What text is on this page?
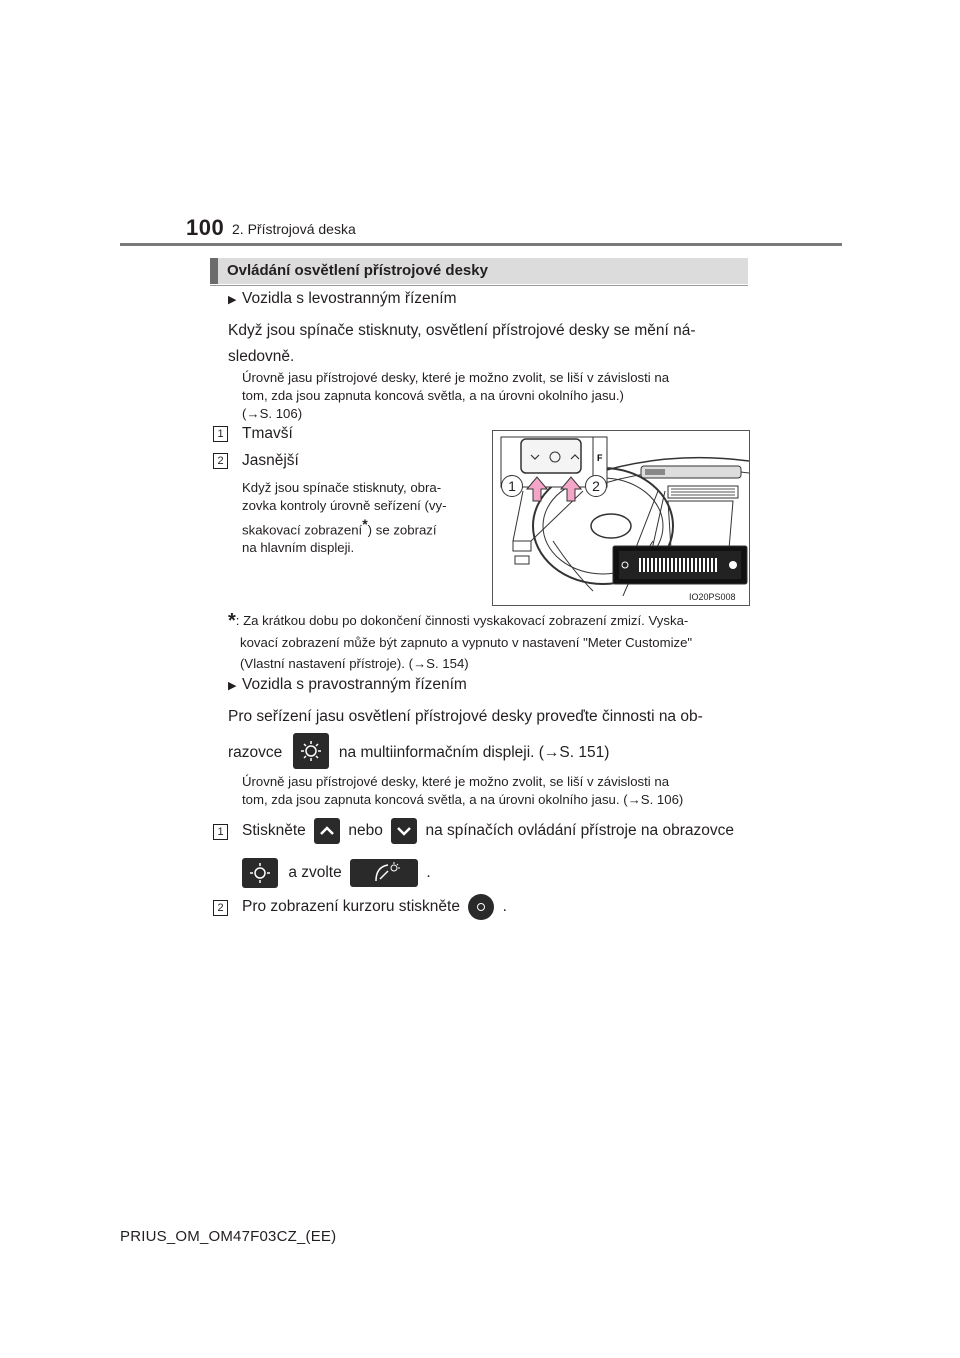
100 2. Přístrojová deska
Ovládání osvětlení přístrojové desky
▶ Vozidla s levostranným řízením
Když jsou spínače stisknuty, osvětlení přístrojové desky se mění ná-
sledovně.
Úrovně jasu přístrojové desky, které je možno zvolit, se liší v závislosti na
tom, zda jsou zapnuta koncová světla, a na úrovni okolního jasu.)
(→S. 106)
1 Tmavší
2 Jasnější
Když jsou spínače stisknuty, obra-
zovka kontroly úrovně seřízení (vy-
skakovací zobrazení*) se zobrazí
na hlavním displeji.
F
1	2
IO20PS008
*: Za krátkou dobu po dokončení činnosti vyskakovací zobrazení zmizí. Vyska-
kovací zobrazení může být zapnuto a vypnuto v nastavení "Meter Customize"
(Vlastní nastavení přístroje). (→S. 154)
▶ Vozidla s pravostranným řízením
Pro seřízení jasu osvětlení přístrojové desky proveďte činnosti na ob-
razovce	na multiinformačním displeji. (→S. 151)
Úrovně jasu přístrojové desky, které je možno zvolit, se liší v závislosti na
tom, zda jsou zapnuta koncová světla, a na úrovni okolního jasu. (→S. 106)
1 Stiskněte	nebo	na spínačích ovládání přístroje na obrazovce
a zvolte	.
2 Pro zobrazení kurzoru stiskněte	.
PRIUS_OM_OM47F03CZ_(EE)
